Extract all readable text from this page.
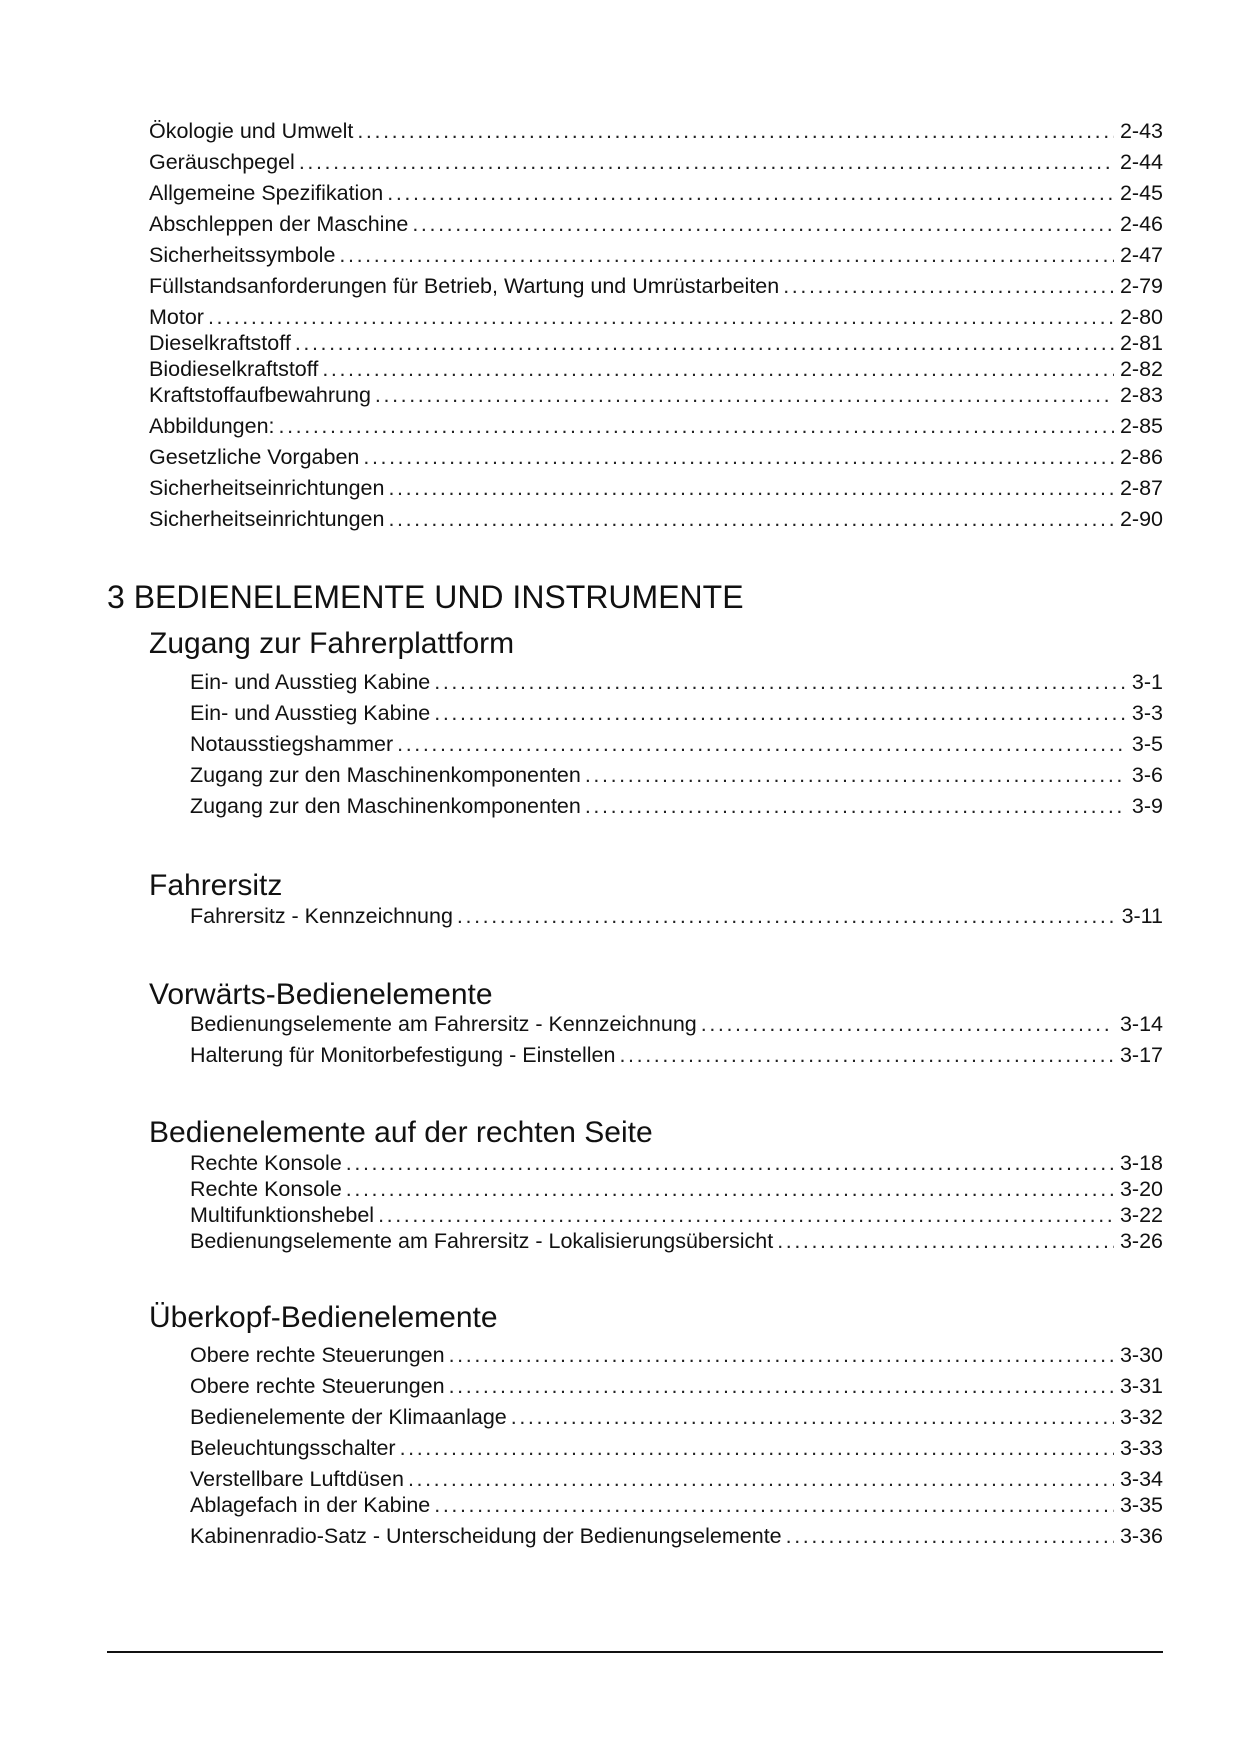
Ökologie und Umwelt .....	2-43
Geräuschpegel .....	2-44
Allgemeine Spezifikation .....	2-45
Abschleppen der Maschine .....	2-46
Sicherheitssymbole .....	2-47
Füllstandsanforderungen für Betrieb, Wartung und Umrüstarbeiten .....	2-79
Motor .....	2-80
Dieselkraftstoff .....	2-81
Biodieselkraftstoff .....	2-82
Kraftstoffaufbewahrung .....	2-83
Abbildungen: .....	2-85
Gesetzliche Vorgaben .....	2-86
Sicherheitseinrichtungen .....	2-87
Sicherheitseinrichtungen .....	2-90
3 BEDIENELEMENTE UND INSTRUMENTE
Zugang zur Fahrerplattform
Ein- und Ausstieg Kabine .....	3-1
Ein- und Ausstieg Kabine .....	3-3
Notausstiegshammer .....	3-5
Zugang zur den Maschinenkomponenten .....	3-6
Zugang zur den Maschinenkomponenten .....	3-9
Fahrersitz
Fahrersitz - Kennzeichnung .....	3-11
Vorwärts-Bedienelemente
Bedienungselemente am Fahrersitz - Kennzeichnung .....	3-14
Halterung für Monitorbefestigung - Einstellen .....	3-17
Bedienelemente auf der rechten Seite
Rechte Konsole .....	3-18
Rechte Konsole .....	3-20
Multifunktionshebel .....	3-22
Bedienungselemente am Fahrersitz - Lokalisierungsübersicht .....	3-26
Überkopf-Bedienelemente
Obere rechte Steuerungen .....	3-30
Obere rechte Steuerungen .....	3-31
Bedienelemente der Klimaanlage .....	3-32
Beleuchtungsschalter .....	3-33
Verstellbare Luftdüsen .....	3-34
Ablagefach in der Kabine .....	3-35
Kabinenradio-Satz - Unterscheidung der Bedienungselemente .....	3-36
